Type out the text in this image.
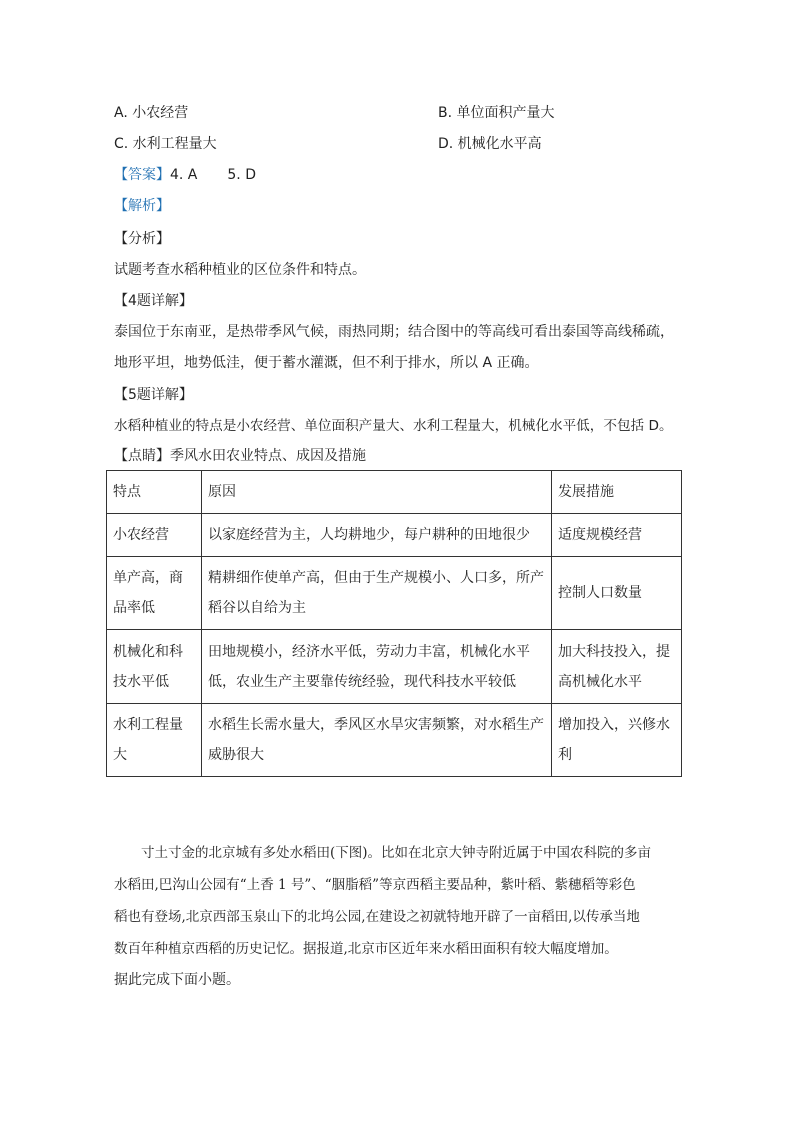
A. 小农经营	B. 单位面积产量大
C. 水利工程量大	D. 机械化水平高
【答案】4. A 5. D
【解析】
【分析】
试题考查水稻种植业的区位条件和特点。
【4题详解】
泰国位于东南亚，是热带季风气候，雨热同期；结合图中的等高线可看出泰国等高线稀疏，
地形平坦，地势低洼，便于蓄水灌溉，但不利于排水，所以 A 正确。
【5题详解】
水稻种植业的特点是小农经营、单位面积产量大、水利工程量大，机械化水平低，不包括 D。
【点睛】季风水田农业特点、成因及措施
特点	原因	发展措施
小农经营	以家庭经营为主，人均耕地少，每户耕种的田地很少	适度规模经营
单产高，商品率低	精耕细作使单产高，但由于生产规模小、人口多，所产稻谷以自给为主	控制人口数量
机械化和科技水平低	田地规模小，经济水平低，劳动力丰富，机械化水平低，农业生产主要靠传统经验，现代科技水平较低	加大科技投入，提高机械化水平
水利工程量大	水稻生长需水量大，季风区水旱灾害频繁，对水稻生产威胁很大	增加投入，兴修水利
寸土寸金的北京城有多处水稻田(下图)。比如在北京大钟寺附近属于中国农科院的多亩
水稻田,巴沟山公园有“上香 1 号”、“胭脂稻”等京西稻主要品种，紫叶稻、紫穗稻等彩色
稻也有登场,北京西部玉泉山下的北坞公园,在建设之初就特地开辟了一亩稻田,以传承当地
数百年种植京西稻的历史记忆。据报道,北京市区近年来水稻田面积有较大幅度增加。
据此完成下面小题。
